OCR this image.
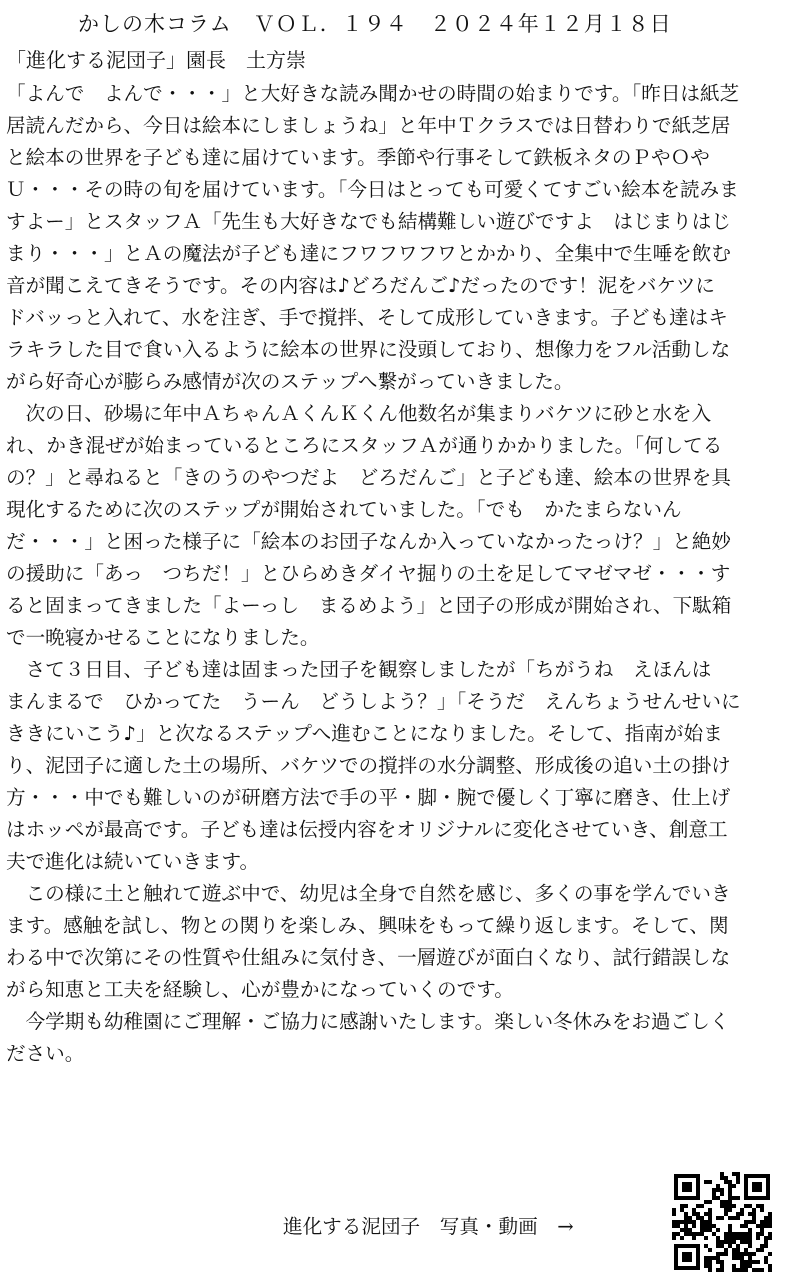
かしの木コラム　ＶＯＬ．１９４　２０２４年１２月１８日
「進化する泥団子」園長　土方崇
「よんで　よんで・・・」と大好きな読み聞かせの時間の始まりです。「昨日は紙芝
居読んだから、今日は絵本にしましょうね」と年中Ｔクラスでは日替わりで紙芝居
と絵本の世界を子ども達に届けています。季節や行事そして鉄板ネタのＰやＯや
Ｕ・・・その時の旬を届けています。「今日はとっても可愛くてすごい絵本を読みま
すよー」とスタッフＡ「先生も大好きなでも結構難しい遊びですよ　はじまりはじ
まり・・・」とＡの魔法が子ども達にフワフワフワとかかり、全集中で生唾を飲む
音が聞こえてきそうです。その内容は♪どろだんご♪だったのです！泥をバケツに
ドバッっと入れて、水を注ぎ、手で撹拌、そして成形していきます。子ども達はキ
ラキラした目で食い入るように絵本の世界に没頭しており、想像力をフル活動しな
がら好奇心が膨らみ感情が次のステップへ繋がっていきました。
　次の日、砂場に年中ＡちゃんＡくんＫくん他数名が集まりバケツに砂と水を入
れ、かき混ぜが始まっているところにスタッフＡが通りかかりました。「何してる
の？」と尋ねると「きのうのやつだよ　どろだんご」と子ども達、絵本の世界を具
現化するために次のステップが開始されていました。「でも　かたまらないん
だ・・・」と困った様子に「絵本のお団子なんか入っていなかったっけ？」と絶妙
の援助に「あっ　つちだ！」とひらめきダイヤ掘りの土を足してマゼマゼ・・・す
ると固まってきました「よーっし　まるめよう」と団子の形成が開始され、下駄箱
で一晩寝かせることになりました。
　さて３日目、子ども達は固まった団子を観察しましたが「ちがうね　えほんは
まんまるで　ひかってた　うーん　どうしよう？」「そうだ　えんちょうせんせいに
ききにいこう♪」と次なるステップへ進むことになりました。そして、指南が始ま
り、泥団子に適した土の場所、バケツでの撹拌の水分調整、形成後の追い土の掛け
方・・・中でも難しいのが研磨方法で手の平・脚・腕で優しく丁寧に磨き、仕上げ
はホッペが最高です。子ども達は伝授内容をオリジナルに変化させていき、創意工
夫で進化は続いていきます。
　この様に土と触れて遊ぶ中で、幼児は全身で自然を感じ、多くの事を学んでいき
ます。感触を試し、物との関りを楽しみ、興味をもって繰り返します。そして、関
わる中で次第にその性質や仕組みに気付き、一層遊びが面白くなり、試行錯誤しな
がら知恵と工夫を経験し、心が豊かになっていくのです。
　今学期も幼稚園にご理解・ご協力に感謝いたします。楽しい冬休みをお過ごしく
ださい。
進化する泥団子　写真・動画　→
